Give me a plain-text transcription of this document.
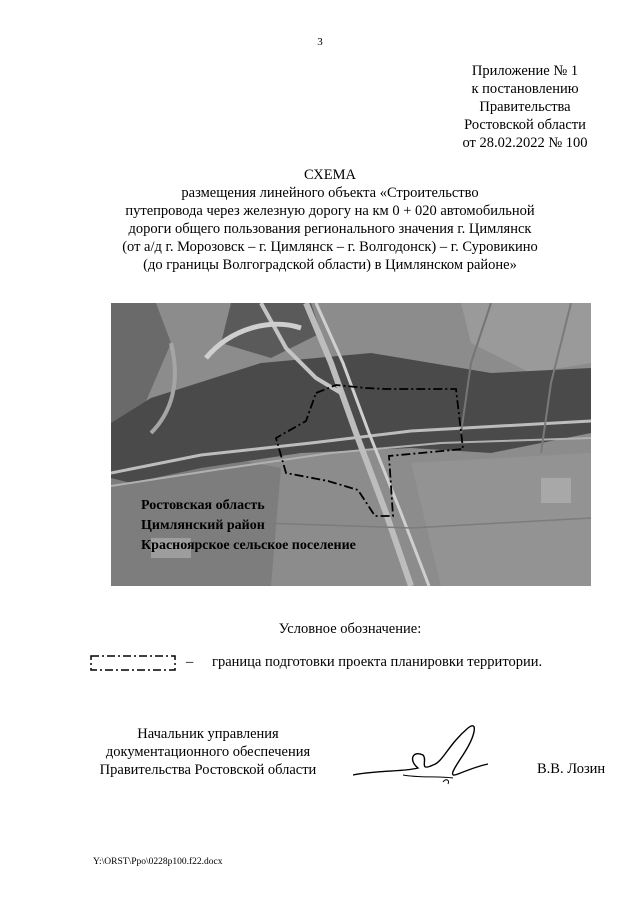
3
Приложение № 1
к постановлению
Правительства
Ростовской области
от 28.02.2022 № 100
СХЕМА
размещения линейного объекта «Строительство
путепровода через железную дорогу на км 0 + 020 автомобильной
дороги общего пользования регионального значения г. Цимлянск
(от а/д г. Морозовск – г. Цимлянск – г. Волгодонск) – г. Суровикино
(до границы Волгоградской области) в Цимлянском районе»
Ростовская область
Цимлянский район
Красноярское сельское поселение
Условное обозначение:
– граница подготовки проекта планировки территории.
Начальник управления
документационного обеспечения
Правительства Ростовской области	В.В. Лозин
Y:\ORST\Ppo\0228p100.f22.docx
